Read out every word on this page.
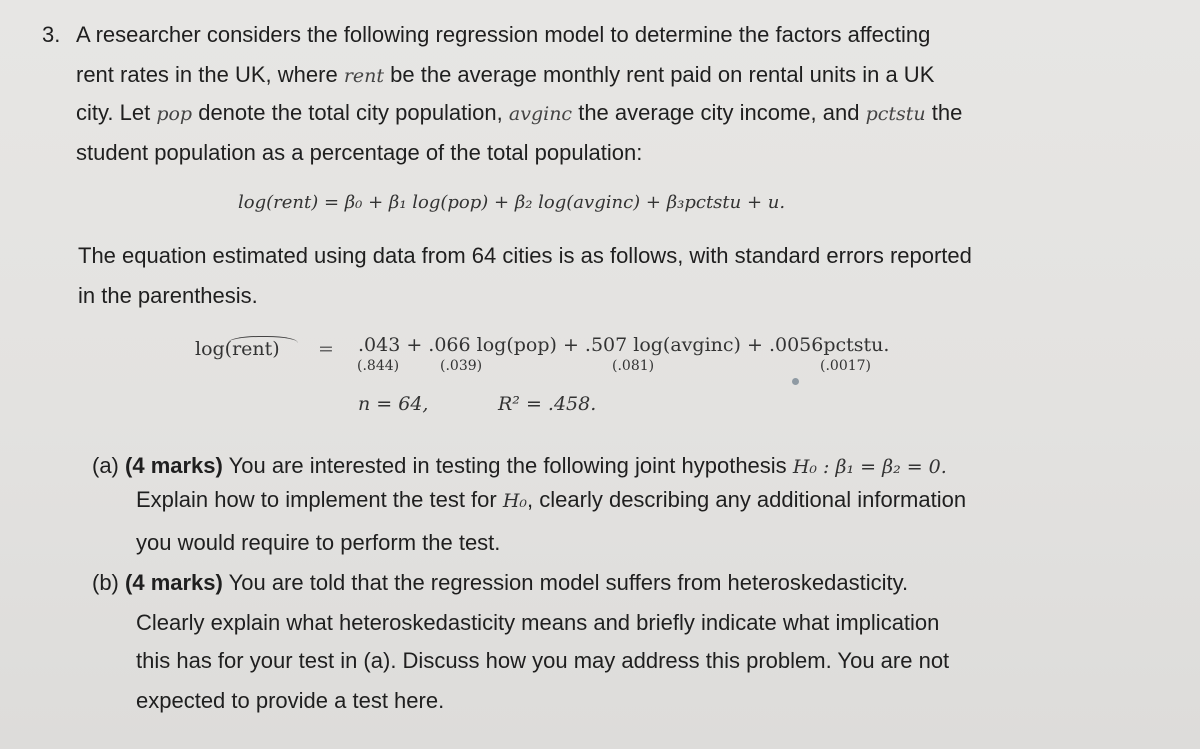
3. A researcher considers the following regression model to determine the factors affecting
rent rates in the UK, where rent be the average monthly rent paid on rental units in a UK
city. Let pop denote the total city population, avginc the average city income, and pctstu the
student population as a percentage of the total population:
log(rent) = β₀ + β₁ log(pop) + β₂ log(avginc) + β₃pctstu + u.
The equation estimated using data from 64 cities is as follows, with standard errors reported
in the parenthesis.
log(rent) = .043 + .066 log(pop) + .507 log(avginc) + .0056pctstu.
(.844)	(.039)	(.081)	(.0017)
n = 64,	R² = .458.
(a) (4 marks) You are interested in testing the following joint hypothesis H₀ : β₁ = β₂ = 0.
Explain how to implement the test for H₀, clearly describing any additional information
you would require to perform the test.
(b) (4 marks) You are told that the regression model suffers from heteroskedasticity.
Clearly explain what heteroskedasticity means and briefly indicate what implication
this has for your test in (a). Discuss how you may address this problem. You are not
expected to provide a test here.
